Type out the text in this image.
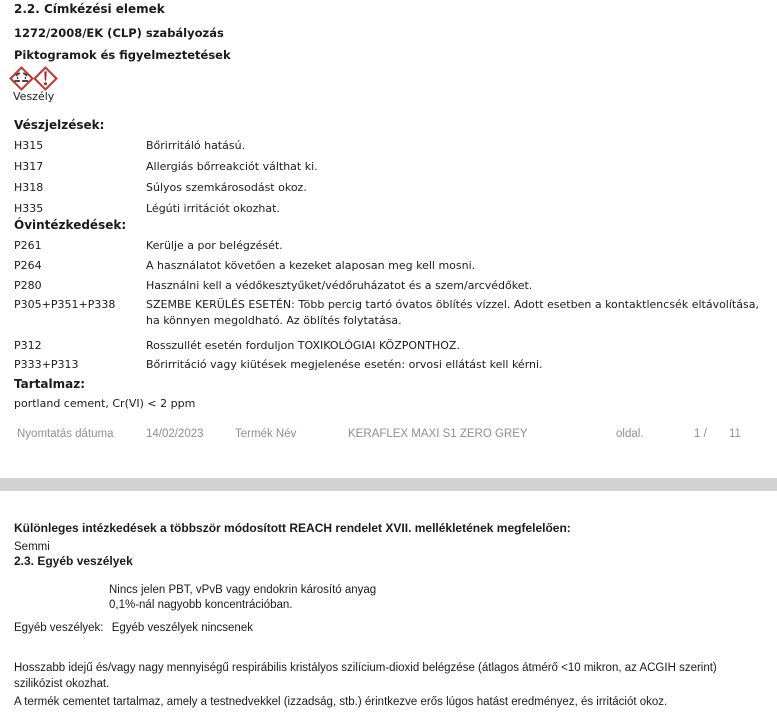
2.2. Címkézési elemek
1272/2008/EK (CLP) szabályozás
Piktogramok és figyelmeztetések
Veszély
Vészjelzések:
H315	Bőrirritáló hatású.
H317	Allergiás bőrreakciót válthat ki.
H318	Súlyos szemkárosodást okoz.
H335	Légúti irritációt okozhat.
Óvintézkedések:
P261	Kerülje a por belégzését.
P264	A használatot követően a kezeket alaposan meg kell mosni.
P280	Használni kell a védőkesztyűket/védőruházatot és a szem/arcvédőket.
P305+P351+P338	SZEMBE KERÜLÉS ESETÉN: Több percig tartó óvatos öblítés vízzel. Adott esetben a kontaktlencsék eltávolítása, ha könnyen megoldható. Az öblítés folytatása.
P312	Rosszullét esetén forduljon TOXIKOLÓGIAI KÖZPONTHOZ.
P333+P313	Bőrirritáció vagy kiütések megjelenése esetén: orvosi ellátást kell kérni.
Tartalmaz:
portland cement, Cr(VI) < 2 ppm
Nyomtatás dátuma	14/02/2023	Termék Név	KERAFLEX MAXI S1 ZERO GREY	oldal.	1 / 11
Különleges intézkedések a többször módosított REACH rendelet XVII. mellékletének megfelelően:
Semmi
2.3. Egyéb veszélyek
Nincs jelen PBT, vPvB vagy endokrin károsító anyag
0,1%-nál nagyobb koncentrációban.
Egyéb veszélyek: Egyéb veszélyek nincsenek
Hosszabb idejű és/vagy nagy mennyiségű respirábilis kristályos szilícium-dioxid belégzése (átlagos átmérő <10 mikron, az ACGIH szerint) szilikózist okozhat.
A termék cementet tartalmaz, amely a testnedvekkel (izzadság, stb.) érintkezve erős lúgos hatást eredményez, és irritációt okoz.
